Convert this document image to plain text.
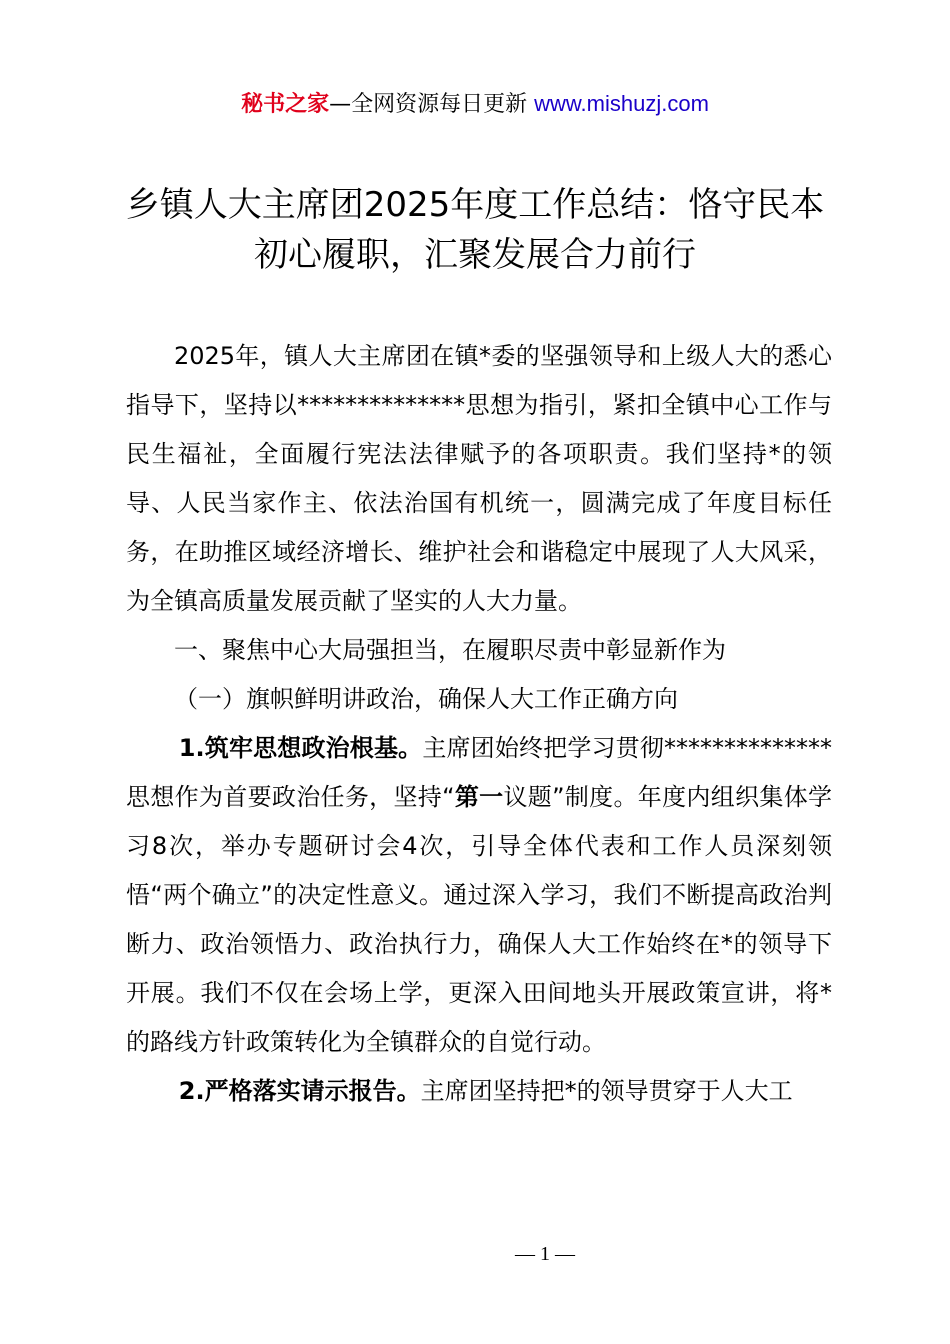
秘书之家—全网资源每日更新 www.mishuzj.com
乡镇人大主席团2025年度工作总结：恪守民本初心履职，汇聚发展合力前行

2025年，镇人大主席团在镇*委的坚强领导和上级人大的悉心指导下，坚持以**************思想为指引，紧扣全镇中心工作与民生福祉，全面履行宪法法律赋予的各项职责。我们坚持*的领导、人民当家作主、依法治国有机统一，圆满完成了年度目标任务，在助推区域经济增长、维护社会和谐稳定中展现了人大风采，为全镇高质量发展贡献了坚实的人大力量。

一、聚焦中心大局强担当，在履职尽责中彰显新作为

（一）旗帜鲜明讲政治，确保人大工作正确方向

1.筑牢思想政治根基。主席团始终把学习贯彻**************思想作为首要政治任务，坚持“第一议题”制度。年度内组织集体学习8次，举办专题研讨会4次，引导全体代表和工作人员深刻领悟“两个确立”的决定性意义。通过深入学习，我们不断提高政治判断力、政治领悟力、政治执行力，确保人大工作始终在*的领导下开展。我们不仅在会场上学，更深入田间地头开展政策宣讲，将*的路线方针政策转化为全镇群众的自觉行动。

2.严格落实请示报告。主席团坚持把*的领导贯穿于人大工

— 1 —
